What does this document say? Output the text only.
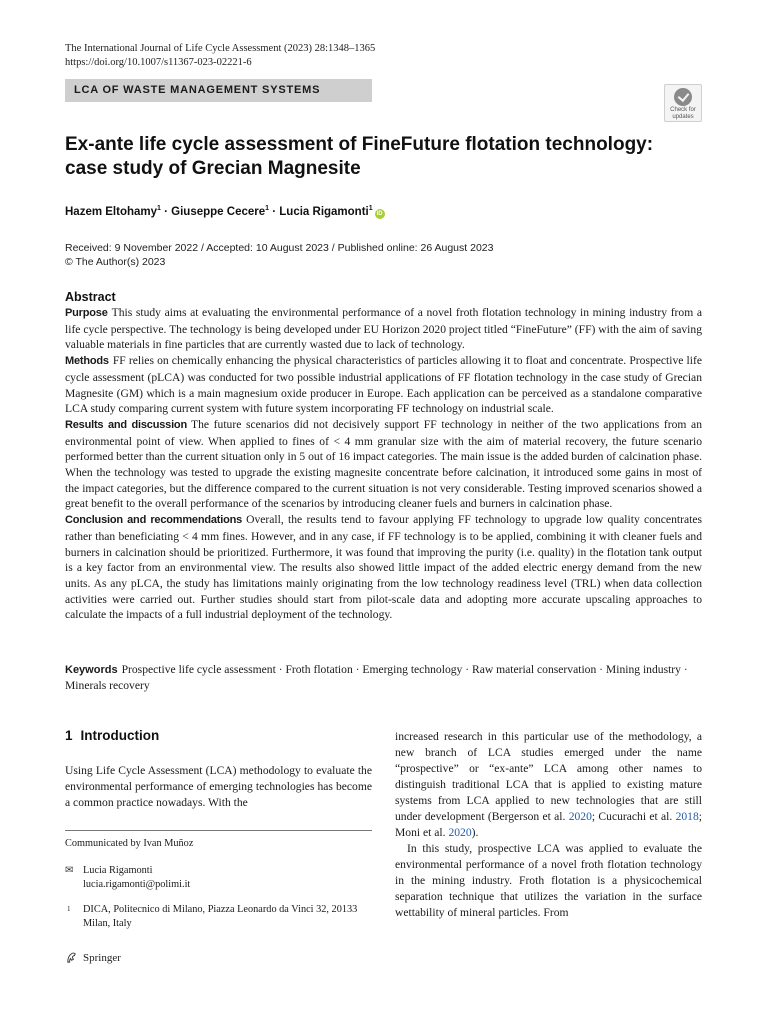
The International Journal of Life Cycle Assessment (2023) 28:1348–1365
https://doi.org/10.1007/s11367-023-02221-6
LCA OF WASTE MANAGEMENT SYSTEMS
Check for
updates
Ex-ante life cycle assessment of FineFuture flotation technology: case study of Grecian Magnesite
Hazem Eltohamy$^1$ · Giuseppe Cecere$^1$ · Lucia Rigamonti$^1$iD
Received: 9 November 2022 / Accepted: 10 August 2023 / Published online: 26 August 2023
© The Author(s) 2023
Abstract

Purpose This study aims at evaluating the environmental performance of a novel froth flotation technology in mining industry from a life cycle perspective. The technology is being developed under EU Horizon 2020 project titled “FineFuture” (FF) with the aim of saving valuable materials in fine particles that are currently wasted due to lack of technology.

Methods FF relies on chemically enhancing the physical characteristics of particles allowing it to float and concentrate. Prospective life cycle assessment (pLCA) was conducted for two possible industrial applications of FF flotation technology in the case study of Grecian Magnesite (GM) which is a main magnesium oxide producer in Europe. Each application can be perceived as a standalone comparative LCA study comparing current system with future system incorporating FF technology on industrial scale.

Results and discussion The future scenarios did not decisively support FF technology in neither of the two applications from an environmental point of view. When applied to fines of < 4 mm granular size with the aim of material recovery, the future scenario performed better than the current situation only in 5 out of 16 impact categories. The main issue is the added burden of calcination phase. When the technology was tested to upgrade the existing magnesite concentrate before calcination, it introduced some gains in most of the impact categories, but the difference compared to the current situation is not very considerable. Testing improved scenarios showed a great benefit to the overall performance of the scenarios by introducing cleaner fuels and burners in calcination phase.

Conclusion and recommendations Overall, the results tend to favour applying FF technology to upgrade low quality concentrates rather than beneficiating < 4 mm fines. However, and in any case, if FF technology is to be applied, combining it with cleaner fuels and burners in calcination should be prioritized. Furthermore, it was found that improving the purity (i.e. quality) in the flotation tank output is a key factor from an environmental view. The results also showed little impact of the added electric energy demand from the new units. As any pLCA, the study has limitations mainly originating from the low technology readiness level (TRL) when data collection activities were carried out. Further studies should start from pilot-scale data and adopting more accurate upscaling approaches to calculate the impacts of a full industrial deployment of the technology.

Keywords Prospective life cycle assessment · Froth flotation · Emerging technology · Raw material conservation · Mining industry · Minerals recovery
1 Introduction
Using Life Cycle Assessment (LCA) methodology to evaluate the environmental performance of emerging technologies has become a common practice nowadays. With the

increased research in this particular use of the methodology, a new branch of LCA studies emerged under the name “prospective” or “ex-ante” LCA among other names to distinguish traditional LCA that is applied to existing mature systems from LCA applied to new technologies that are still under development (Bergerson et al. 2020; Cucurachi et al. 2018; Moni et al. 2020).

In this study, prospective LCA was applied to evaluate the environmental performance of a novel froth flotation technology in the mining industry. Froth flotation is a physicochemical separation technique that utilizes the variation in the surface wettability of mineral particles. From

Communicated by Ivan Muñoz
✉ Lucia Rigamonti
lucia.rigamonti@polimi.it
1 DICA, Politecnico di Milano, Piazza Leonardo da Vinci 32, 20133 Milan, Italy
Springer
